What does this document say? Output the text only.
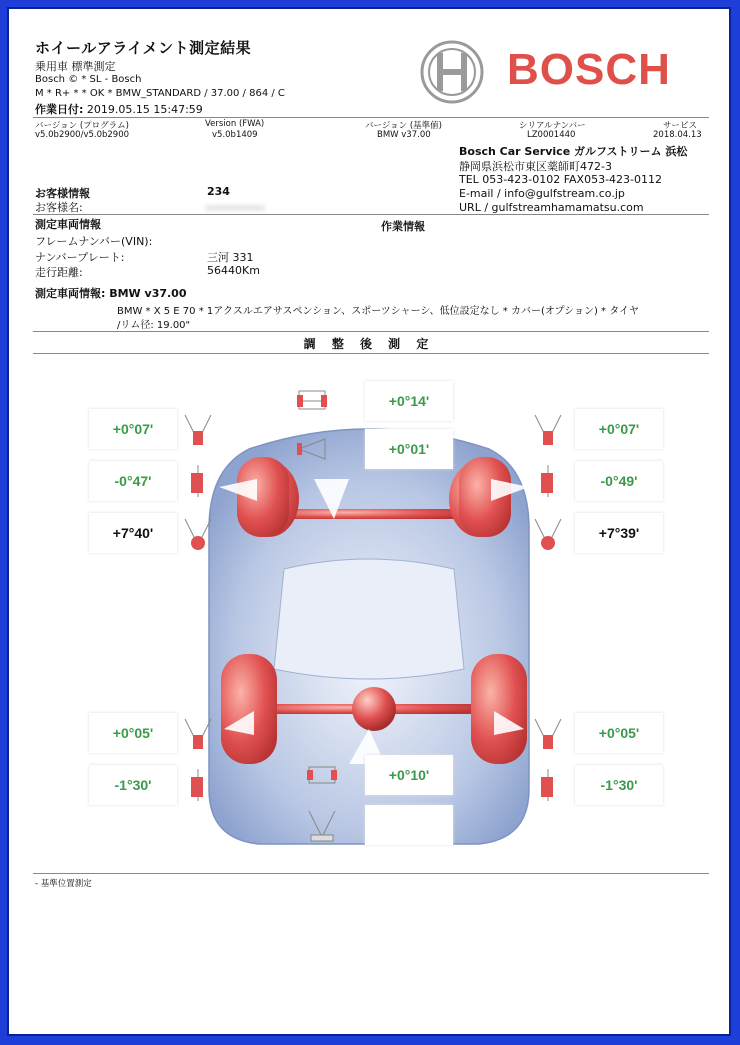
ホイールアライメント測定結果
乗用車 標準測定
Bosch © * SL - Bosch
M * R+ * * OK * BMW_STANDARD / 37.00 / 864 / C
作業日付: 2019.05.15 15:47:59
BOSCH
バージョン (プログラム)
v5.0b2900/v5.0b2900
Version (FWA)
v5.0b1409
バージョン (基準値)
BMW v37.00
シリアルナンバー
LZ0001440
サービス
2018.04.13
Bosch Car Service ガルフストリーム 浜松
静岡県浜松市東区薬師町472-3
TEL 053-423-0102 FAX053-423-0112
E-mail / info@gulfstream.co.jp
URL / gulfstreamhamamatsu.com
お客様情報	234
お客様名:
測定車両情報	作業情報
フレームナンバー(VIN):
ナンバープレート:	三河 331
走行距離:	56440Km
測定車両情報: BMW v37.00
BMW * X 5 E 70 * 1アクスルエアサスペンション、スポーツシャーシ、低位設定なし * カバー(オプション) * タイヤ
/リム径: 19.00"
調 整 後 測 定
+0°14'
+0°01'
+0°07'
-0°47'
+7°40'
+0°07'
-0°49'
+7°39'
+0°05'
-1°30'
+0°05'
-1°30'
+0°10'
- 基準位置測定
